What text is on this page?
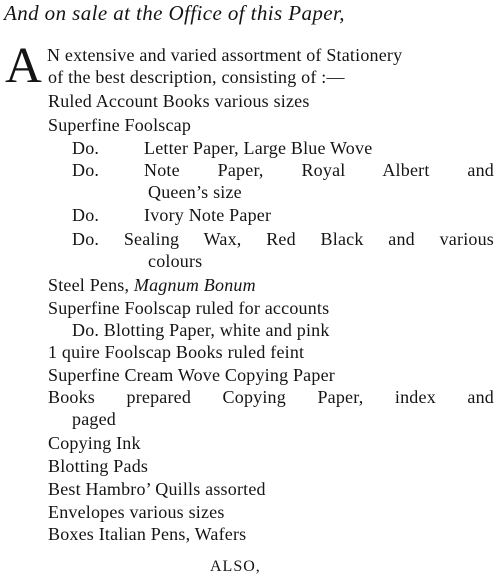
And on sale at the Office of this Paper,
A N extensive and varied assortment of Stationery
of the best description, consisting of :—
Ruled Account Books various sizes
Superfine Foolscap
Do. Letter Paper, Large Blue Wove
Do. Note Paper, Royal Albert and
Queen’s size
Do. Ivory Note Paper
Do. Sealing Wax, Red Black and various
colours
Steel Pens, Magnum Bonum
Superfine Foolscap ruled for accounts
Do. Blotting Paper, white and pink
1 quire Foolscap Books ruled feint
Superfine Cream Wove Copying Paper
Books prepared Copying Paper, index and
paged
Copying Ink
Blotting Pads
Best Hambro’ Quills assorted
Envelopes various sizes
Boxes Italian Pens, Wafers
ALSO,
